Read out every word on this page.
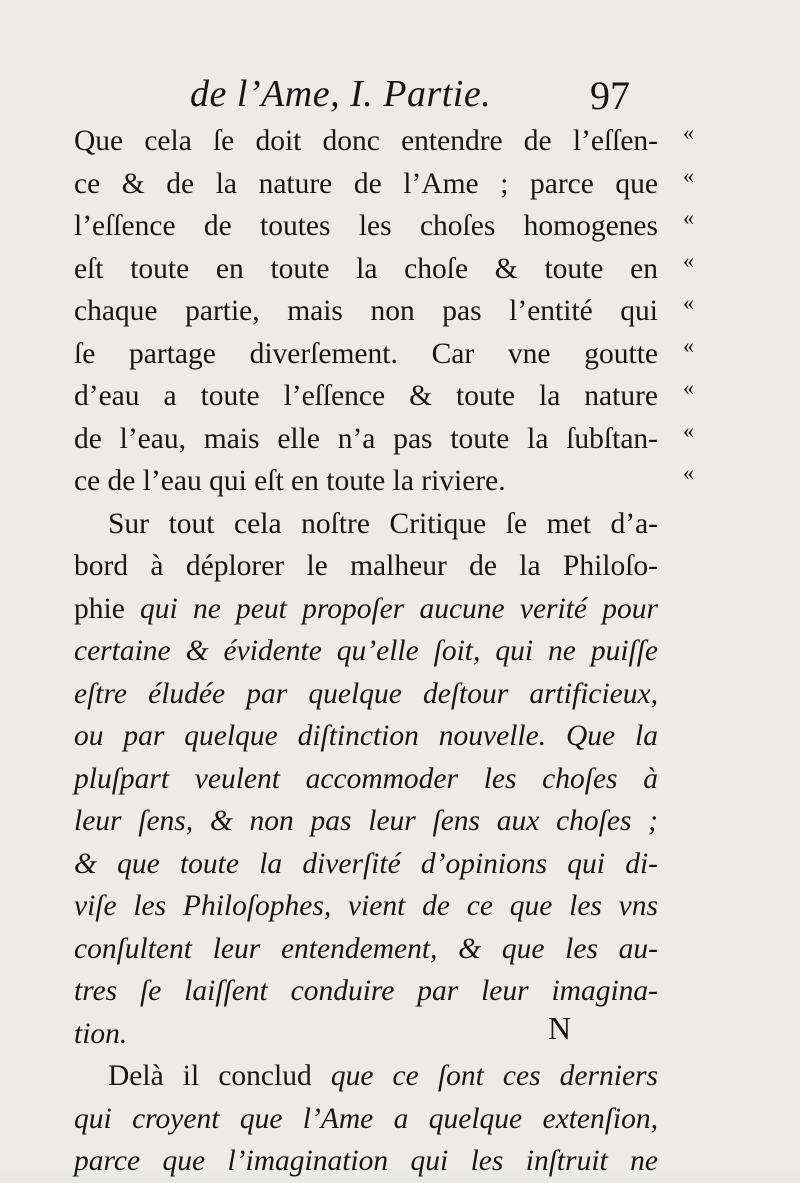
de l’Ame, I. Partie. 97
Que cela ſe doit donc entendre de l’eſſen- «
ce & de la nature de l’Ame ; parce que «
l’eſſence de toutes les choſes homogenes «
eſt toute en toute la choſe & toute en «
chaque partie, mais non pas l’entité qui «
ſe partage diverſement. Car vne goutte «
d’eau a toute l’eſſence & toute la nature «
de l’eau, mais elle n’a pas toute la ſubſtan- «
ce de l’eau qui eſt en toute la riviere.	«
Sur tout cela noſtre Critique ſe met d’a-
bord à déplorer le malheur de la Philoſo-
phie qui ne peut propoſer aucune verité pour
certaine & évidente qu’elle ſoit, qui ne puiſſe
eſtre éludée par quelque deſtour artificieux,
ou par quelque diſtinction nouvelle. Que la
pluſpart veulent accommoder les choſes à
leur ſens, & non pas leur ſens aux choſes ;
& que toute la diverſité d’opinions qui di-
viſe les Philoſophes, vient de ce que les vns
conſultent leur entendement, & que les au-
tres ſe laiſſent conduire par leur imagina-
tion.
Delà il conclud que ce ſont ces derniers
qui croyent que l’Ame a quelque extenſion,
parce que l’imagination qui les inſtruit ne
N
